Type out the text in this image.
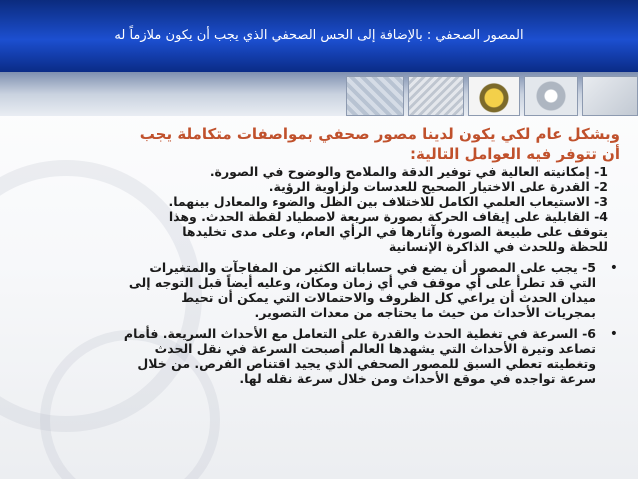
المصور الصحفي : بالإضافة إلى الحس الصحفي الذي يجب أن يكون ملازماً له

وبشكل عام لكي يكون لدينا مصور صحفي بمواصفات متكاملة يجب

أن تتوفر فيه العوامل التالية:

1- إمكانيته العالية في توفير الدقة والملامح والوضوح في الصورة.

2- القدرة على الاختيار الصحيح للعدسات ولزاوية الرؤية.

3- الاستيعاب العلمي الكامل للاختلاف بين الظل والضوء والمعادل بينهما.

4- القابلية على إيقاف الحركة بصورة سريعة لاصطياد لقطة الحدث. وهذا

يتوقف على طبيعة الصورة وآثارها في الرأي العام، وعلى مدى تخليدها

للحظة وللحدث في الذاكرة الإنسانية

•

5- يجب على المصور أن يضع في حساباته الكثير من المفاجآت والمتغيرات

التي قد تطرأ على أي موقف في أي زمان ومكان، وعليه أيضاً قبل التوجه إلى

ميدان الحدث أن يراعي كل الظروف والاحتمالات التي يمكن أن تحيط

بمجريات الأحداث من حيث ما يحتاجه من معدات التصوير.

•

6- السرعة في تغطية الحدث والقدرة على التعامل مع الأحداث السريعة. فأمام

تصاعد وتيرة الأحداث التي يشهدها العالم أصبحت السرعة في نقل الحدث

وتغطيته تعطي السبق للمصور الصحفي الذي يجيد اقتناص الفرص. من خلال

سرعة تواجده في موقع الأحداث ومن خلال سرعة نقله لها.
